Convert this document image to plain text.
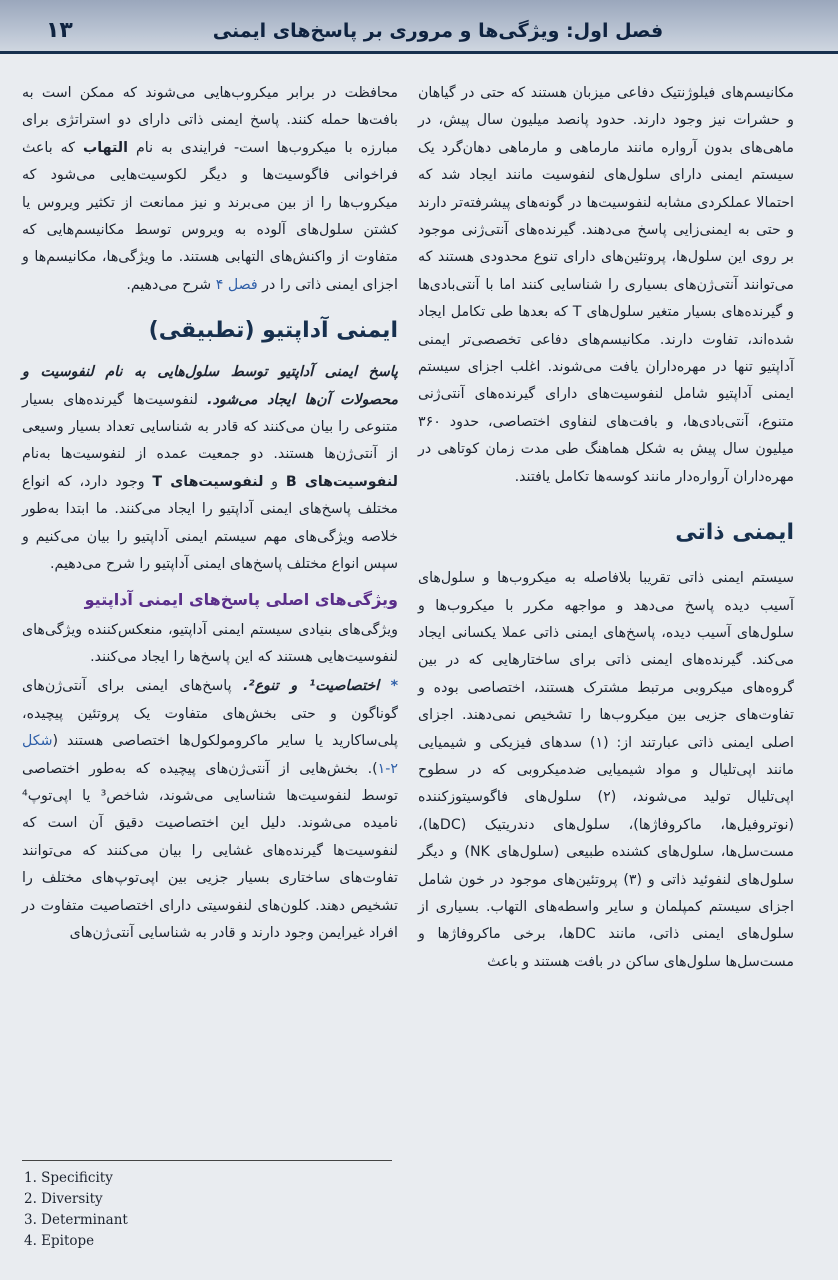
۱۳	فصل اول: ویژگی‌ها و مروری بر پاسخ‌های ایمنی

مکانیسم‌های فیلوژنتیک دفاعی میزبان هستند که حتی در گیاهان و حشرات نیز وجود دارند. حدود پانصد میلیون سال پیش، در ماهی‌های بدون آرواره مانند مارماهی و مارماهی دهان‌گرد یک سیستم ایمنی دارای سلول‌های لنفوسیت مانند ایجاد شد که احتمالا عملکردی مشابه لنفوسیت‌ها در گونه‌های پیشرفته‌تر دارند و حتی به ایمنی‌زایی پاسخ می‌دهند. گیرنده‌های آنتی‌ژنی موجود بر روی این سلول‌ها، پروتئین‌های دارای تنوع محدودی هستند که می‌توانند آنتی‌ژن‌های بسیاری را شناسایی کنند اما با آنتی‌بادی‌ها و گیرنده‌های بسیار متغیر سلول‌های T که بعدها طی تکامل ایجاد شده‌اند، تفاوت دارند. مکانیسم‌های دفاعی تخصصی‌تر ایمنی آداپتیو تنها در مهره‌داران یافت می‌شوند. اغلب اجزای سیستم ایمنی آداپتیو شامل لنفوسیت‌های دارای گیرنده‌های آنتی‌ژنی متنوع، آنتی‌بادی‌ها، و بافت‌های لنفاوی اختصاصی، حدود ۳۶۰ میلیون سال پیش به شکل هماهنگ طی مدت زمان کوتاهی در مهره‌داران آرواره‌دار مانند کوسه‌ها تکامل یافتند.

ایمنی ذاتی

سیستم ایمنی ذاتی تقریبا بلافاصله به میکروب‌ها و سلول‌های آسیب دیده پاسخ می‌دهد و مواجهه مکرر با میکروب‌ها و سلول‌های آسیب دیده، پاسخ‌های ایمنی ذاتی عملا یکسانی ایجاد می‌کند. گیرنده‌های ایمنی ذاتی برای ساختارهایی که در بین گروه‌های میکروبی مرتبط مشترک هستند، اختصاصی بوده و تفاوت‌های جزیی بین میکروب‌ها را تشخیص نمی‌دهند. اجزای اصلی ایمنی ذاتی عبارتند از: (۱) سدهای فیزیکی و شیمیایی مانند اپی‌تلیال و مواد شیمیایی ضدمیکروبی که در سطوح اپی‌تلیال تولید می‌شوند، (۲) سلول‌های فاگوسیتوزکننده (نوتروفیل‌ها، ماکروفاژها)، سلول‌های دندریتیک (DCها)، مست‌سل‌ها، سلول‌های کشنده طبیعی (سلول‌های NK) و دیگر سلول‌های لنفوئید ذاتی و (۳) پروتئین‌های موجود در خون شامل اجزای سیستم کمپلمان و سایر واسطه‌های التهاب. بسیاری از سلول‌های ایمنی ذاتی، مانند DCها، برخی ماکروفاژها و مست‌سل‌ها سلول‌های ساکن در بافت هستند و باعث

محافظت در برابر میکروب‌هایی می‌شوند که ممکن است به بافت‌ها حمله کنند. پاسخ ایمنی ذاتی دارای دو استراتژی برای مبارزه با میکروب‌ها است- فرایندی به نام التهاب که باعث فراخوانی فاگوسیت‌ها و دیگر لکوسیت‌هایی می‌شود که میکروب‌ها را از بین می‌برند و نیز ممانعت از تکثیر ویروس یا کشتن سلول‌های آلوده به ویروس توسط مکانیسم‌هایی که متفاوت از واکنش‌های التهابی هستند. ما ویژگی‌ها، مکانیسم‌ها و اجزای ایمنی ذاتی را در فصل ۴ شرح می‌دهیم.

ایمنی آداپتیو (تطبیقی)

پاسخ ایمنی آداپتیو توسط سلول‌هایی به نام لنفوسیت و محصولات آن‌ها ایجاد می‌شود. لنفوسیت‌ها گیرنده‌های بسیار متنوعی را بیان می‌کنند که قادر به شناسایی تعداد بسیار وسیعی از آنتی‌ژن‌ها هستند. دو جمعیت عمده از لنفوسیت‌ها به‌نام لنفوسیت‌های B و لنفوسیت‌های T وجود دارد، که انواع مختلف پاسخ‌های ایمنی آداپتیو را ایجاد می‌کنند. ما ابتدا به‌طور خلاصه ویژگی‌های مهم سیستم ایمنی آداپتیو را بیان می‌کنیم و سپس انواع مختلف پاسخ‌های ایمنی آداپتیو را شرح می‌دهیم.

ویژگی‌های اصلی پاسخ‌های ایمنی آداپتیو

ویژگی‌های بنیادی سیستم ایمنی آداپتیو، منعکس‌کننده ویژگی‌های لنفوسیت‌هایی هستند که این پاسخ‌ها را ایجاد می‌کنند.

* اختصاصیت¹ و تنوع². پاسخ‌های ایمنی برای آنتی‌ژن‌های گوناگون و حتی بخش‌های متفاوت یک پروتئین پیچیده، پلی‌ساکارید یا سایر ماکرومولکول‌ها اختصاصی هستند (شکل ۲-۱). بخش‌هایی از آنتی‌ژن‌های پیچیده که به‌طور اختصاصی توسط لنفوسیت‌ها شناسایی می‌شوند، شاخص³ یا اپی‌توپ⁴ نامیده می‌شوند. دلیل این اختصاصیت دقیق آن است که لنفوسیت‌ها گیرنده‌های غشایی را بیان می‌کنند که می‌توانند تفاوت‌های ساختاری بسیار جزیی بین اپی‌توپ‌های مختلف را تشخیص دهند. کلون‌های لنفوسیتی دارای اختصاصیت متفاوت در افراد غیرایمن وجود دارند و قادر به شناسایی آنتی‌ژن‌های

1. Specificity
2. Diversity
3. Determinant
4. Epitope
